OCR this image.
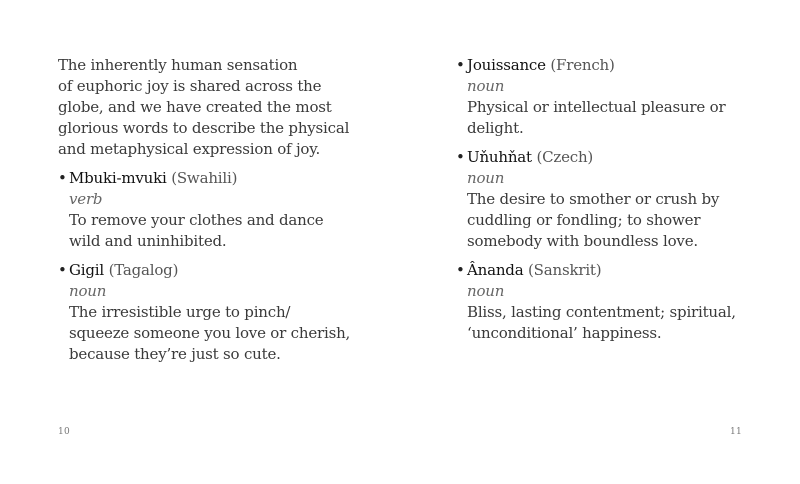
The inherently human sensation
of euphoric joy is shared across the
globe, and we have created the most
glorious words to describe the physical
and metaphysical expression of joy.

• Mbuki-mvuki (Swahili)
verb
To remove your clothes and dance
wild and uninhibited.
• Gigil (Tagalog)
noun
The irresistible urge to pinch/
squeeze someone you love or cherish,
because they’re just so cute.
10
• Jouissance (French)
noun
Physical or intellectual pleasure or
delight.
• Uňuhňat (Czech)
noun
The desire to smother or crush by
cuddling or fondling; to shower
somebody with boundless love.
• Ânanda (Sanskrit)
noun
Bliss, lasting contentment; spiritual,
‘unconditional’ happiness.
11
